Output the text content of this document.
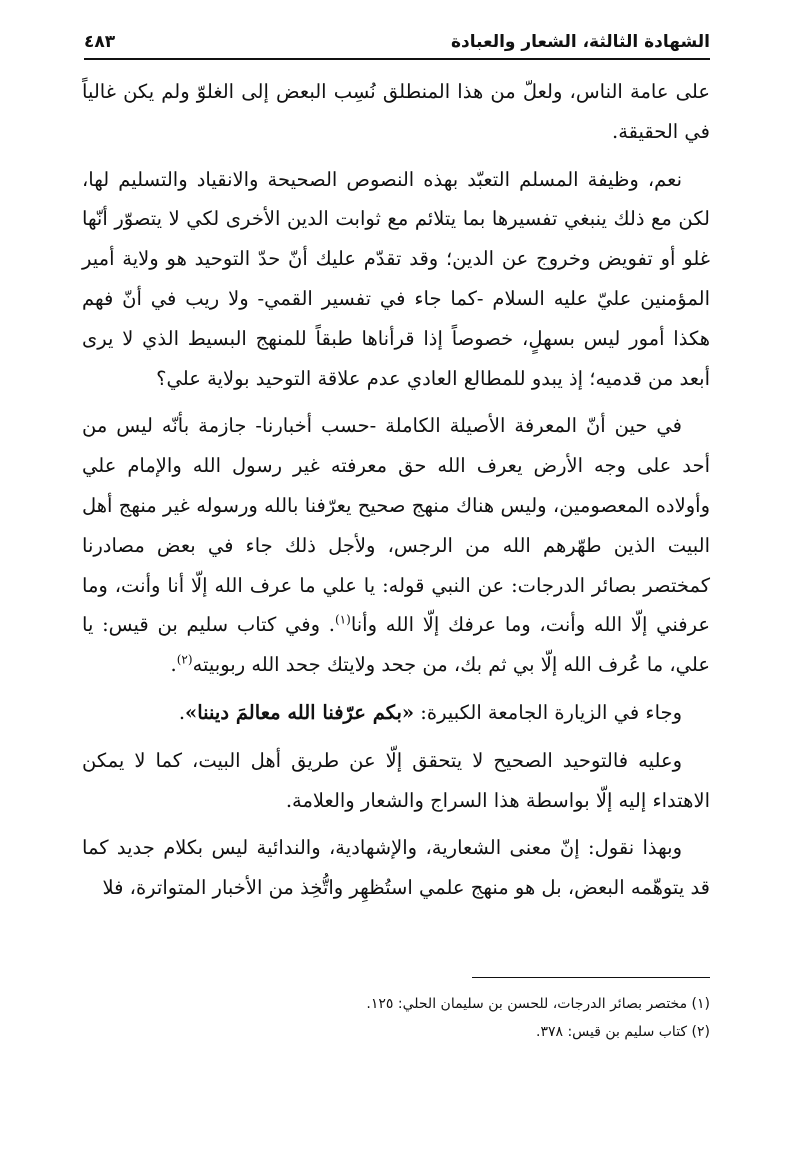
الشهادة الثالثة، الشعار والعبادة
٤٨٣

على عامة الناس، ولعلّ من هذا المنطلق نُسِب البعض إلى الغلوّ ولم يكن غالياً في الحقيقة.

نعم، وظيفة المسلم التعبّد بهذه النصوص الصحيحة والانقياد والتسليم لها، لكن مع ذلك ينبغي تفسيرها بما يتلائم مع ثوابت الدين الأخرى لكي لا يتصوّر أنّها غلو أو تفويض وخروج عن الدين؛ وقد تقدّم عليك أنّ حدّ التوحيد هو ولاية أمير المؤمنين عليّ عليه السلام -كما جاء في تفسير القمي- ولا ريب في أنّ فهم هكذا أمور ليس بسهلٍ، خصوصاً إذا قرأناها طبقاً للمنهج البسيط الذي لا يرى أبعد من قدميه؛ إذ يبدو للمطالع العادي عدم علاقة التوحيد بولاية علي؟

في حين أنّ المعرفة الأصيلة الكاملة -حسب أخبارنا- جازمة بأنّه ليس من أحد على وجه الأرض يعرف الله حق معرفته غير رسول الله والإمام علي وأولاده المعصومين، وليس هناك منهج صحيح يعرّفنا بالله ورسوله غير منهج أهل البيت الذين طهّرهم الله من الرجس، ولأجل ذلك جاء في بعض مصادرنا كمختصر بصائر الدرجات: عن النبي قوله: يا علي ما عرف الله إلّا أنا وأنت، وما عرفني إلّا الله وأنت، وما عرفك إلّا الله وأنا$^{(١)}$. وفي كتاب سليم بن قيس: يا علي، ما عُرف الله إلّا بي ثم بك، من جحد ولايتك جحد الله ربوبيته$^{(٢)}$.

وجاء في الزيارة الجامعة الكبيرة: «بكم عرّفنا الله معالمَ ديننا».

وعليه فالتوحيد الصحيح لا يتحقق إلّا عن طريق أهل البيت، كما لا يمكن الاهتداء إليه إلّا بواسطة هذا السراج والشعار والعلامة.

وبهذا نقول: إنّ معنى الشعارية، والإشهادية، والندائية ليس بكلام جديد كما قد يتوهّمه البعض، بل هو منهج علمي استُظهِر واتُّخِذ من الأخبار المتواترة، فلا

(١) مختصر بصائر الدرجات، للحسن بن سليمان الحلي: ١٢٥.
(٢) كتاب سليم بن قيس: ٣٧٨.
